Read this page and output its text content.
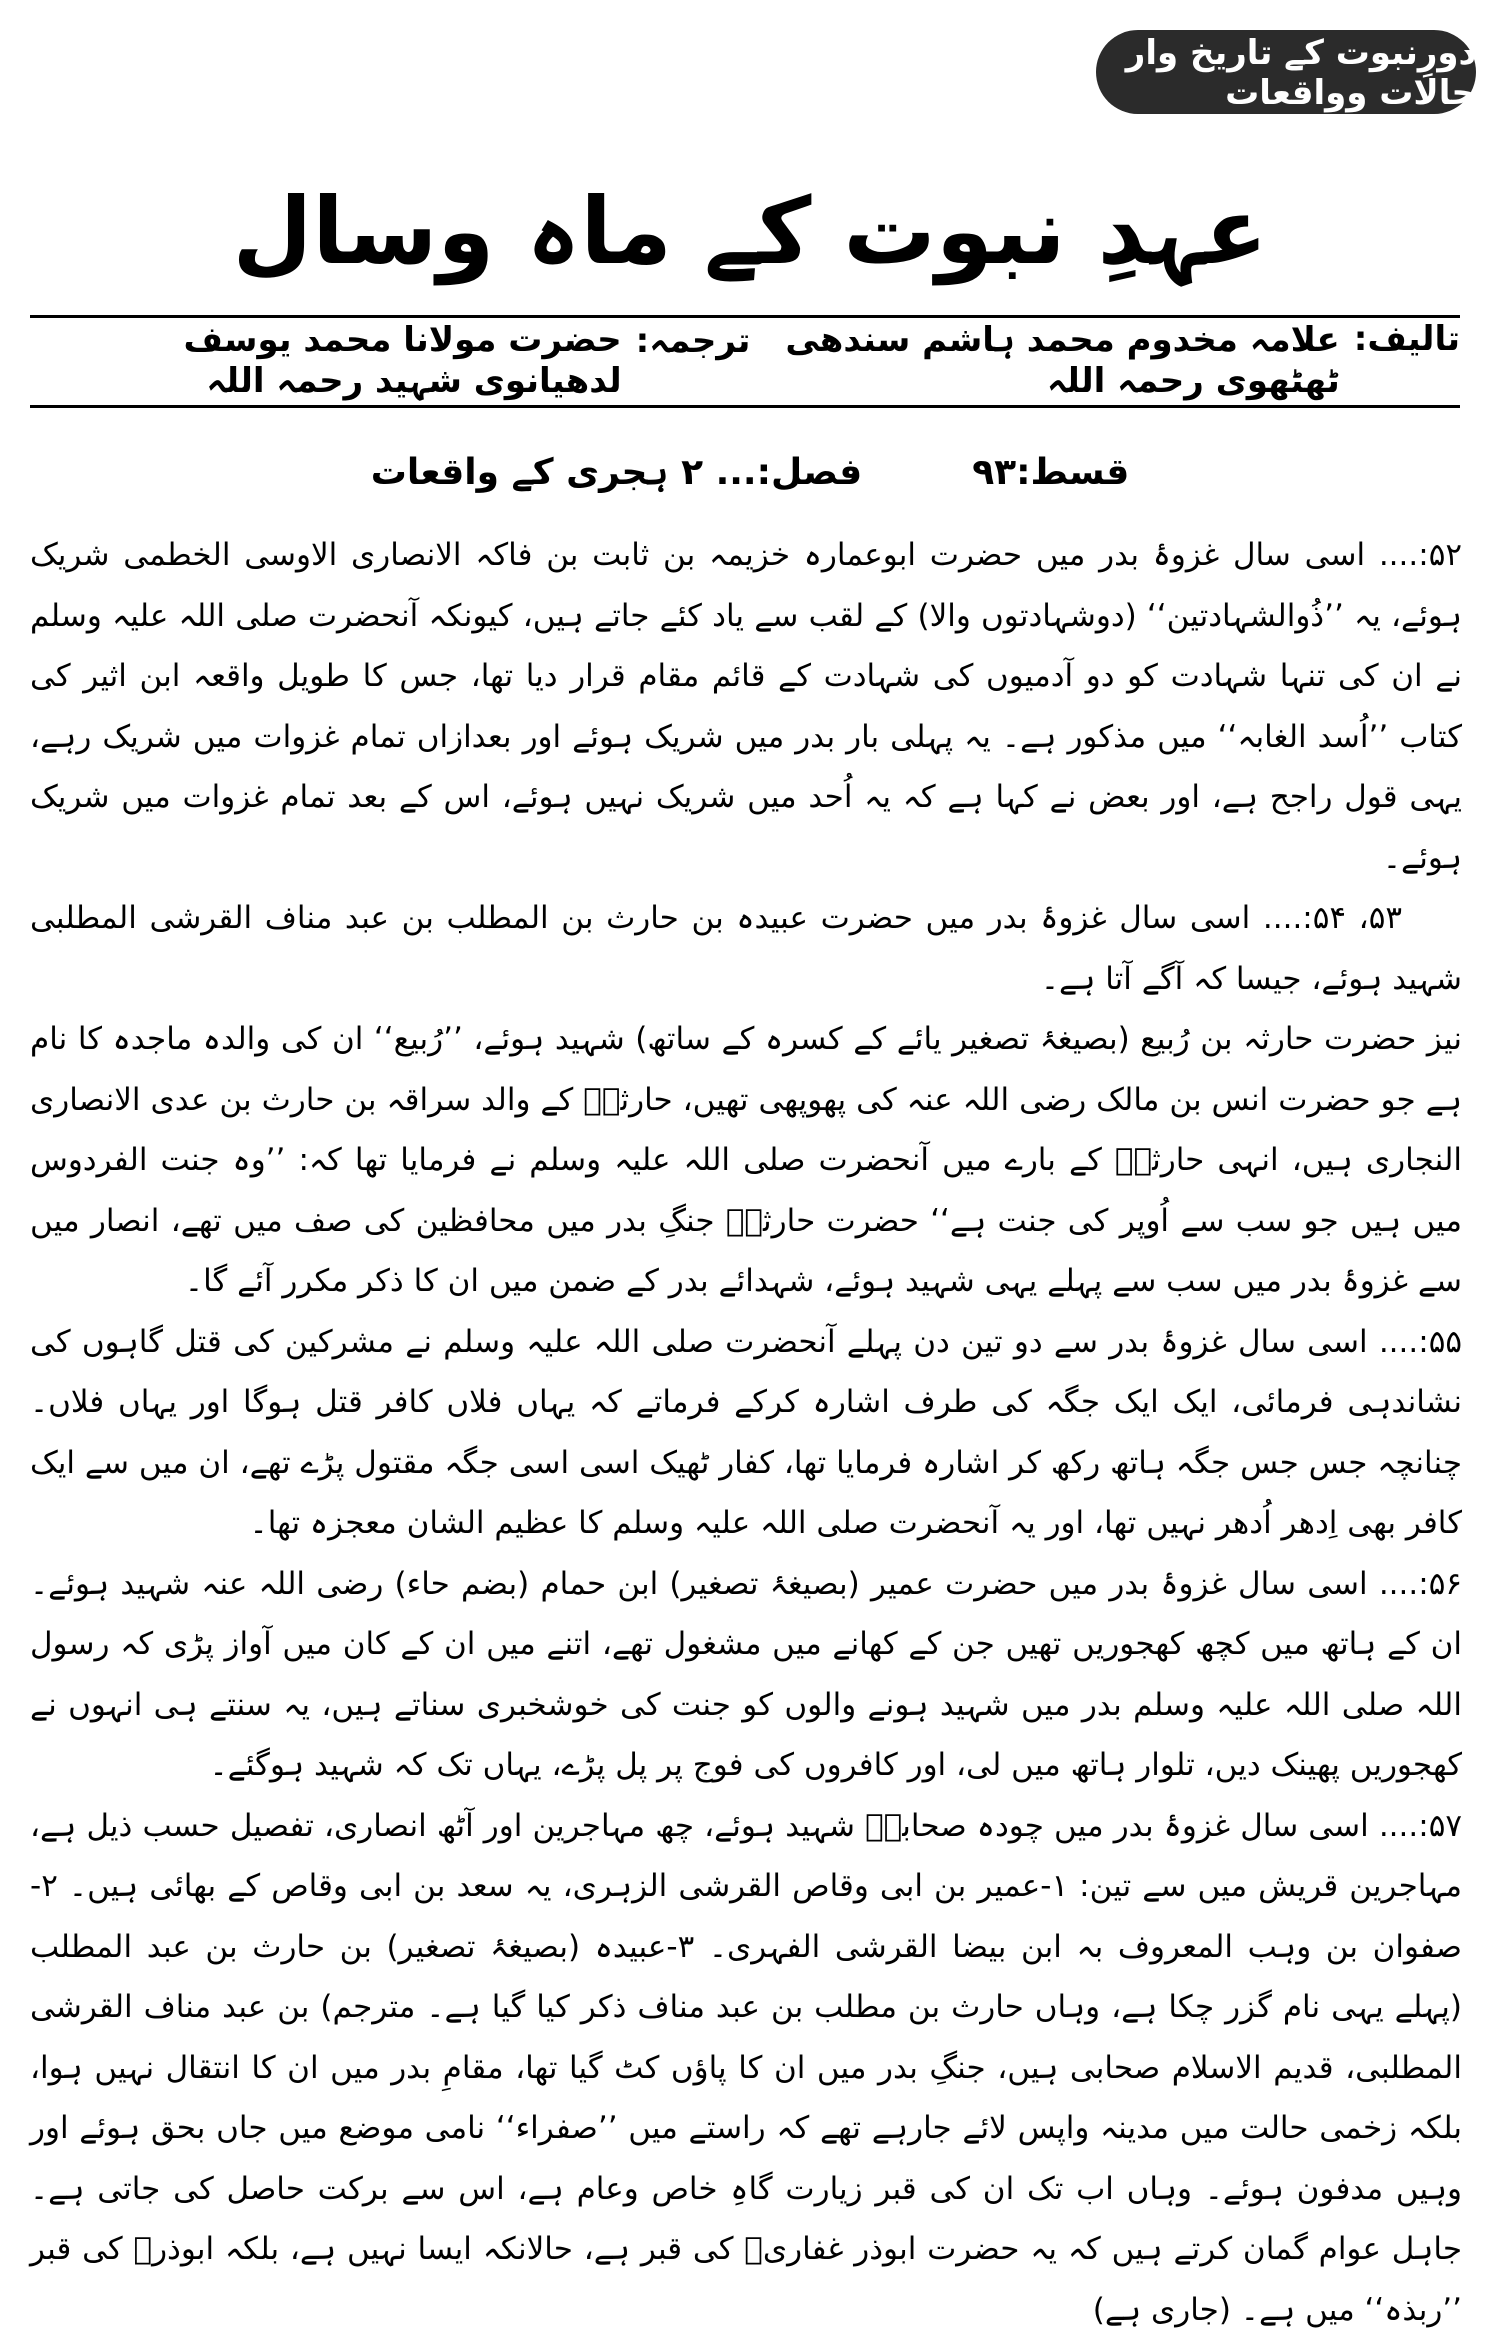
دورِنبوت کے تاریخ وار حالات وواقعات
عہدِ نبوت کے ماہ وسال
تالیف:
علامہ مخدوم محمد ہاشم سندھی ٹھٹھوی رحمہ اللہ
ترجمہ:
حضرت مولانا محمد یوسف لدھیانوی شہید رحمہ اللہ
قسط:۹۳
فصل:... ۲ ہجری کے واقعات

۵۲:.... اسی سال غزوۂ بدر میں حضرت ابوعمارہ خزیمہ بن ثابت بن فاکہ الانصاری الاوسی الخطمی شریک ہوئے، یہ ’’ذُوالشہادتین‘‘ (دوشہادتوں والا) کے لقب سے یاد کئے جاتے ہیں، کیونکہ آنحضرت صلی اللہ علیہ وسلم نے ان کی تنہا شہادت کو دو آدمیوں کی شہادت کے قائم مقام قرار دیا تھا، جس کا طویل واقعہ ابن اثیر کی کتاب ’’اُسد الغابہ‘‘ میں مذکور ہے۔ یہ پہلی بار بدر میں شریک ہوئے اور بعدازاں تمام غزوات میں شریک رہے، یہی قول راجح ہے، اور بعض نے کہا ہے کہ یہ اُحد میں شریک نہیں ہوئے، اس کے بعد تمام غزوات میں شریک ہوئے۔

۵۳، ۵۴:.... اسی سال غزوۂ بدر میں حضرت عبیدہ بن حارث بن المطلب بن عبد مناف القرشی المطلبی شہید ہوئے، جیسا کہ آگے آتا ہے۔

نیز حضرت حارثہ بن رُبیع (بصیغۂ تصغیر یائے کے کسرہ کے ساتھ) شہید ہوئے، ’’رُبیع‘‘ ان کی والدہ ماجدہ کا نام ہے جو حضرت انس بن مالک رضی اللہ عنہ کی پھوپھی تھیں، حارثہؓ کے والد سراقہ بن حارث بن عدی الانصاری النجاری ہیں، انہی حارثہؓ کے بارے میں آنحضرت صلی اللہ علیہ وسلم نے فرمایا تھا کہ: ’’وہ جنت الفردوس میں ہیں جو سب سے اُوپر کی جنت ہے‘‘ حضرت حارثہؓ جنگِ بدر میں محافظین کی صف میں تھے، انصار میں سے غزوۂ بدر میں سب سے پہلے یہی شہید ہوئے، شہدائے بدر کے ضمن میں ان کا ذکر مکرر آئے گا۔

۵۵:.... اسی سال غزوۂ بدر سے دو تین دن پہلے آنحضرت صلی اللہ علیہ وسلم نے مشرکین کی قتل گاہوں کی نشاندہی فرمائی، ایک ایک جگہ کی طرف اشارہ کرکے فرماتے کہ یہاں فلاں کافر قتل ہوگا اور یہاں فلاں۔ چنانچہ جس جس جگہ ہاتھ رکھ کر اشارہ فرمایا تھا، کفار ٹھیک اسی اسی جگہ مقتول پڑے تھے، ان میں سے ایک کافر بھی اِدھر اُدھر نہیں تھا، اور یہ آنحضرت صلی اللہ علیہ وسلم کا عظیم الشان معجزہ تھا۔

۵۶:.... اسی سال غزوۂ بدر میں حضرت عمیر (بصیغۂ تصغیر) ابن حمام (بضم حاء) رضی اللہ عنہ شہید ہوئے۔ ان کے ہاتھ میں کچھ کھجوریں تھیں جن کے کھانے میں مشغول تھے، اتنے میں ان کے کان میں آواز پڑی کہ رسول اللہ صلی اللہ علیہ وسلم بدر میں شہید ہونے والوں کو جنت کی خوشخبری سناتے ہیں، یہ سنتے ہی انہوں نے کھجوریں پھینک دیں، تلوار ہاتھ میں لی، اور کافروں کی فوج پر پل پڑے، یہاں تک کہ شہید ہوگئے۔

۵۷:.... اسی سال غزوۂ بدر میں چودہ صحابہؓ شہید ہوئے، چھ مہاجرین اور آٹھ انصاری، تفصیل حسب ذیل ہے، مہاجرین قریش میں سے تین: ۱-عمیر بن ابی وقاص القرشی الزہری، یہ سعد بن ابی وقاص کے بھائی ہیں۔ ۲-صفوان بن وہب المعروف بہ ابن بیضا القرشی الفہری۔ ۳-عبیدہ (بصیغۂ تصغیر) بن حارث بن عبد المطلب (پہلے یہی نام گزر چکا ہے، وہاں حارث بن مطلب بن عبد مناف ذکر کیا گیا ہے۔ مترجم) بن عبد مناف القرشی المطلبی، قدیم الاسلام صحابی ہیں، جنگِ بدر میں ان کا پاؤں کٹ گیا تھا، مقامِ بدر میں ان کا انتقال نہیں ہوا، بلکہ زخمی حالت میں مدینہ واپس لائے جارہے تھے کہ راستے میں ’’صفراء‘‘ نامی موضع میں جاں بحق ہوئے اور وہیں مدفون ہوئے۔ وہاں اب تک ان کی قبر زیارت گاہِ خاص وعام ہے، اس سے برکت حاصل کی جاتی ہے۔ جاہل عوام گمان کرتے ہیں کہ یہ حضرت ابوذر غفاریؓ کی قبر ہے، حالانکہ ایسا نہیں ہے، بلکہ ابوذرؓ کی قبر ’’ربذہ‘‘ میں ہے۔ (جاری ہے)
